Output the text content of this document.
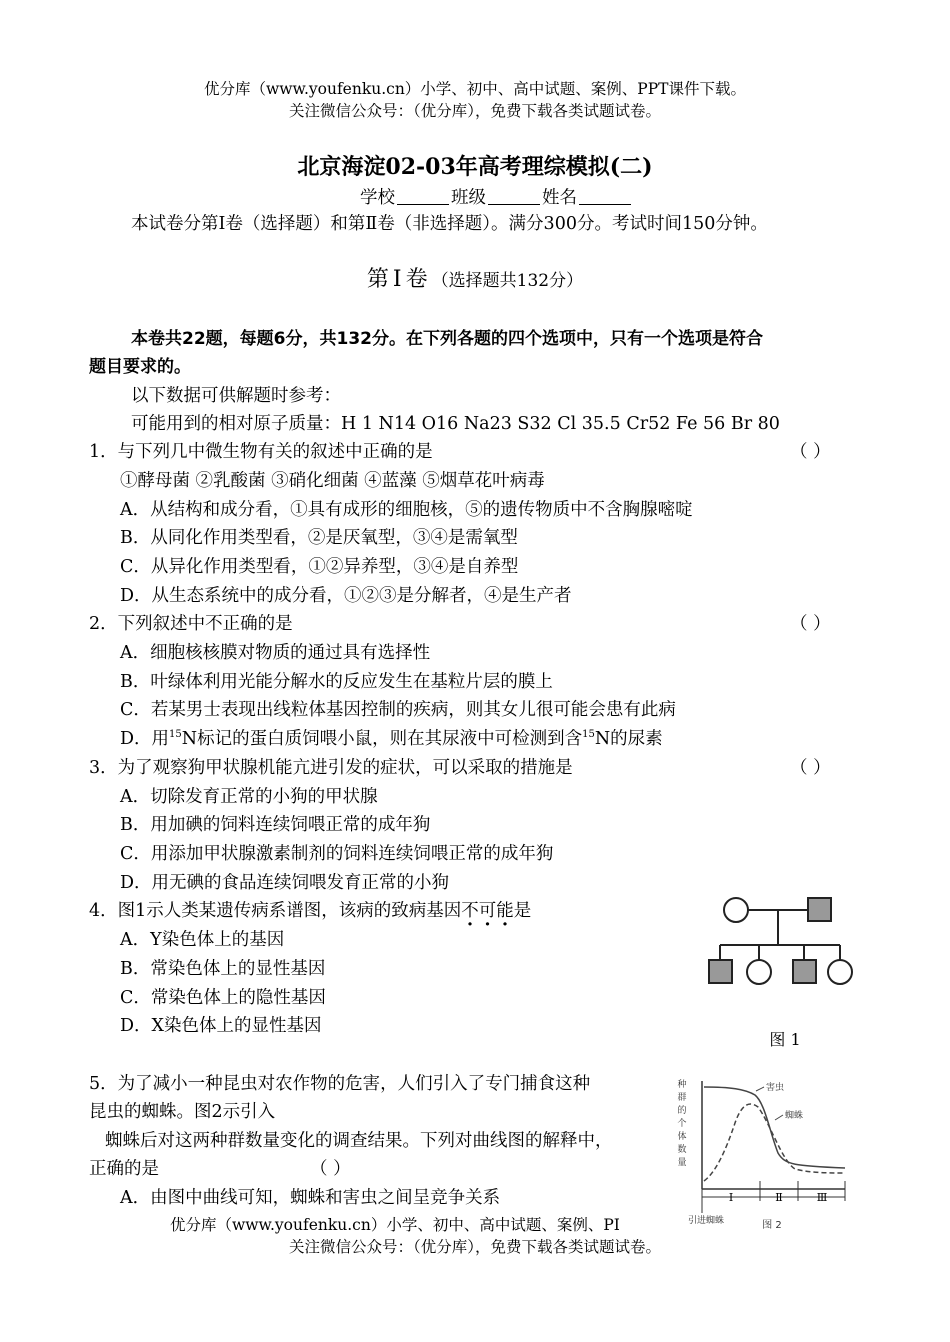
优分库（www.youfenku.cn）小学、初中、高中试题、案例、PPT课件下载。
关注微信公众号：（优分库），免费下载各类试题试卷。
北京海淀02-03年高考理综模拟(二)
学校	班级	姓名
本试卷分第Ⅰ卷（选择题）和第Ⅱ卷（非选择题）。满分300分。考试时间150分钟。
第Ⅰ卷（选择题共132分）
本卷共22题，每题6分，共132分。在下列各题的四个选项中，只有一个选项是符合
题目要求的。
以下数据可供解题时参考：
可能用到的相对原子质量：H 1 N14 O16 Na23 S32 Cl 35.5 Cr52 Fe 56 Br 80
1．与下列几中微生物有关的叙述中正确的是	（ ）
①酵母菌 ②乳酸菌 ③硝化细菌 ④蓝藻 ⑤烟草花叶病毒
A．从结构和成分看，①具有成形的细胞核，⑤的遗传物质中不含胸腺嘧啶
B．从同化作用类型看，②是厌氧型，③④是需氧型
C．从异化作用类型看，①②异养型，③④是自养型
D．从生态系统中的成分看，①②③是分解者，④是生产者
2．下列叙述中不正确的是	（ ）
A．细胞核核膜对物质的通过具有选择性
B．叶绿体利用光能分解水的反应发生在基粒片层的膜上
C．若某男士表现出线粒体基因控制的疾病，则其女儿很可能会患有此病
D．用$^{15}$N标记的蛋白质饲喂小鼠，则在其尿液中可检测到含$^{15}$N的尿素
3．为了观察狗甲状腺机能亢进引发的症状，可以采取的措施是	（ ）
A．切除发育正常的小狗的甲状腺
B．用加碘的饲料连续饲喂正常的成年狗
C．用添加甲状腺激素制剂的饲料连续饲喂正常的成年狗
D．用无碘的食品连续饲喂发育正常的小狗
4．图1示人类某遗传病系谱图，该病的致病基因不可能是
A．Y染色体上的基因
B．常染色体上的显性基因
C．常染色体上的隐性基因
D．X染色体上的显性基因
图 1
5．为了减小一种昆虫对农作物的危害，人们引入了专门捕食这种
昆虫的蜘蛛。图2示引入
蜘蛛后对这两种群数量变化的调查结果。下列对曲线图的解释中，
正确的是	（ ）
A．由图中曲线可知，蜘蛛和害虫之间呈竞争关系
种
群
的
个
体
数
量
害虫
蜘蛛
Ⅰ	Ⅱ	Ⅲ
引进蜘蛛	图 2
优分库（www.youfenku.cn）小学、初中、高中试题、案例、PI
关注微信公众号：（优分库），免费下载各类试题试卷。
